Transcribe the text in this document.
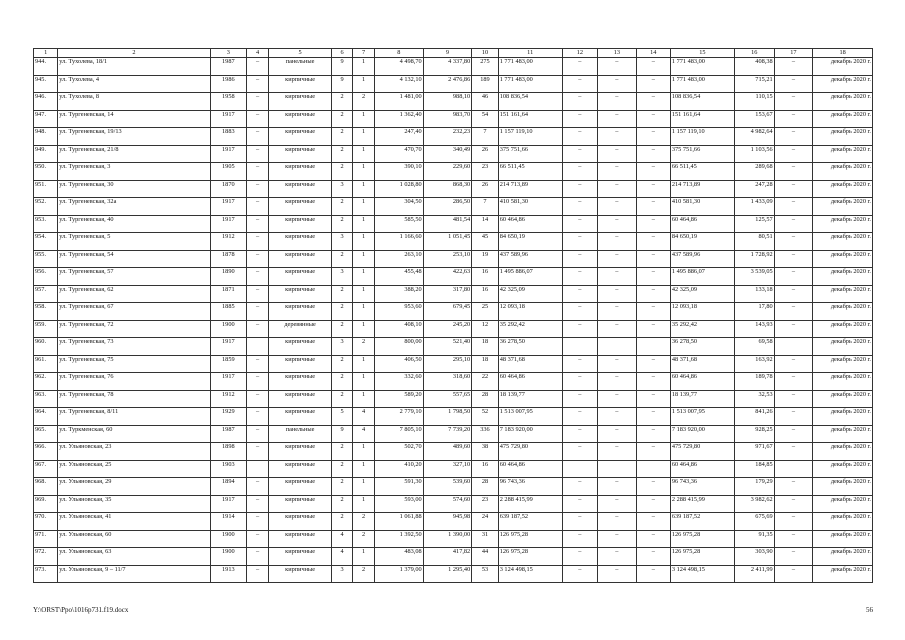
1	2	3	4	5	6	7	8	9	10	11	12	13	14	15	16	17	18
944.	ул. Тухолева, 18/1	1987	–	панельные	9	1	4 498,70	4 337,80	275	1 771 483,00	–	–	–	1 771 483,00	408,38	–	декабрь 2020 г.
945.	ул. Тухолева, 4	1986	–	кирпичные	9	1	4 132,10	2 476,86	189	1 771 483,00	–	–	–	1 771 483,00	715,21	–	декабрь 2020 г.
946.	ул. Тухолева, 8	1958	–	кирпичные	2	2	1 481,00	988,10	46	108 836,54	–	–	–	108 836,54	110,15	–	декабрь 2020 г.
947.	ул. Тургеневская, 14	1917	–	кирпичные	2	1	1 362,40	983,70	54	151 161,64	–	–	–	151 161,64	153,67	–	декабрь 2020 г.
948.	ул. Тургеневская, 19/13	1883	–	кирпичные	2	1	247,40	232,23	7	1 157 119,10	–	–	–	1 157 119,10	4 982,64	–	декабрь 2020 г.
949.	ул. Тургеневская, 21/8	1917	–	кирпичные	2	1	470,70	340,49	26	375 751,66	–	–	–	375 751,66	1 103,56	–	декабрь 2020 г.
950.	ул. Тургеневская, 3	1905	–	кирпичные	2	1	390,10	229,60	23	66 511,45	–	–	–	66 511,45	289,68	–	декабрь 2020 г.
951.	ул. Тургеневская, 30	1870	–	кирпичные	3	1	1 028,80	868,30	26	214 713,89	–	–	–	214 713,89	247,28	–	декабрь 2020 г.
952.	ул. Тургеневская, 32а	1917	–	кирпичные	2	1	304,50	286,50	7	410 581,30	–	–	–	410 581,30	1 433,09	–	декабрь 2020 г.
953.	ул. Тургеневская, 40	1917	–	кирпичные	2	1	585,50	481,54	14	60 464,86	–	–	–	60 464,86	125,57	–	декабрь 2020 г.
954.	ул. Тургеневская, 5	1912	–	кирпичные	3	1	1 166,60	1 051,45	45	84 650,19	–	–	–	84 650,19	80,51	–	декабрь 2020 г.
955.	ул. Тургеневская, 54	1878	–	кирпичные	2	1	263,10	253,10	19	437 589,96	–	–	–	437 589,96	1 728,92	–	декабрь 2020 г.
956.	ул. Тургеневская, 57	1890	–	кирпичные	3	1	455,48	422,63	16	1 495 886,07	–	–	–	1 495 886,07	3 539,05	–	декабрь 2020 г.
957.	ул. Тургеневская, 62	1871	–	кирпичные	2	1	388,20	317,80	16	42 325,09	–	–	–	42 325,09	133,18	–	декабрь 2020 г.
958.	ул. Тургеневская, 67	1885	–	кирпичные	2	1	953,60	679,45	25	12 093,18	–	–	–	12 093,18	17,80	–	декабрь 2020 г.
959.	ул. Тургеневская, 72	1900	–	деревянные	2	1	408,10	245,20	12	35 292,42	–	–	–	35 292,42	143,93	–	декабрь 2020 г.
960.	ул. Тургеневская, 73	1917		кирпичные	3	2	800,00	521,40	18	36 278,50				36 278,50	69,58		декабрь 2020 г.
961.	ул. Тургеневская, 75	1859	–	кирпичные	2	1	406,50	295,10	18	48 371,68	–	–	–	48 371,68	163,92	–	декабрь 2020 г.
962.	ул. Тургеневская, 76	1917	–	кирпичные	2	1	332,60	318,60	22	60 464,86	–	–	–	60 464,86	189,78	–	декабрь 2020 г.
963.	ул. Тургеневская, 78	1912	–	кирпичные	2	1	589,20	557,65	28	18 139,77	–	–	–	18 139,77	32,53	–	декабрь 2020 г.
964.	ул. Тургеневская, 8/11	1929	–	кирпичные	5	4	2 779,10	1 798,50	52	1 513 007,95	–	–	–	1 513 007,95	841,26	–	декабрь 2020 г.
965.	ул. Туркменская, 60	1987	–	панельные	9	4	7 805,10	7 739,20	336	7 183 920,00	–	–	–	7 183 920,00	928,25	–	декабрь 2020 г.
966.	ул. Ульяновская, 23	1898	–	кирпичные	2	1	502,70	489,60	38	475 729,80	–	–	–	475 729,80	971,67	–	декабрь 2020 г.
967.	ул. Ульяновская, 25	1903		кирпичные	2	1	410,20	327,10	16	60 464,86				60 464,86	184,85		декабрь 2020 г.
968.	ул. Ульяновская, 29	1894	–	кирпичные	2	1	591,30	539,60	28	96 743,36	–	–	–	96 743,36	179,29	–	декабрь 2020 г.
969.	ул. Ульяновская, 35	1917	–	кирпичные	2	1	593,00	574,60	23	2 288 415,99	–	–	–	2 288 415,99	3 982,62	–	декабрь 2020 г.
970.	ул. Ульяновская, 41	1914	–	кирпичные	2	2	1 061,88	945,98	24	639 187,52	–	–	–	639 187,52	675,69	–	декабрь 2020 г.
971.	ул. Ульяновская, 60	1900	–	кирпичные	4	2	1 392,50	1 390,00	31	126 975,28	–	–	–	126 975,28	91,35	–	декабрь 2020 г.
972.	ул. Ульяновская, 63	1900	–	кирпичные	4	1	483,08	417,82	44	126 975,28	–	–	–	126 975,28	303,90	–	декабрь 2020 г.
973.	ул. Ульяновская, 9 – 11/7	1913	–	кирпичные	3	2	1 379,00	1 295,40	53	3 124 498,15	–	–	–	3 124 498,15	2 411,99	–	декабрь 2020 г.
Y:\ORST\Ppo\1016p731.f19.docx	56
